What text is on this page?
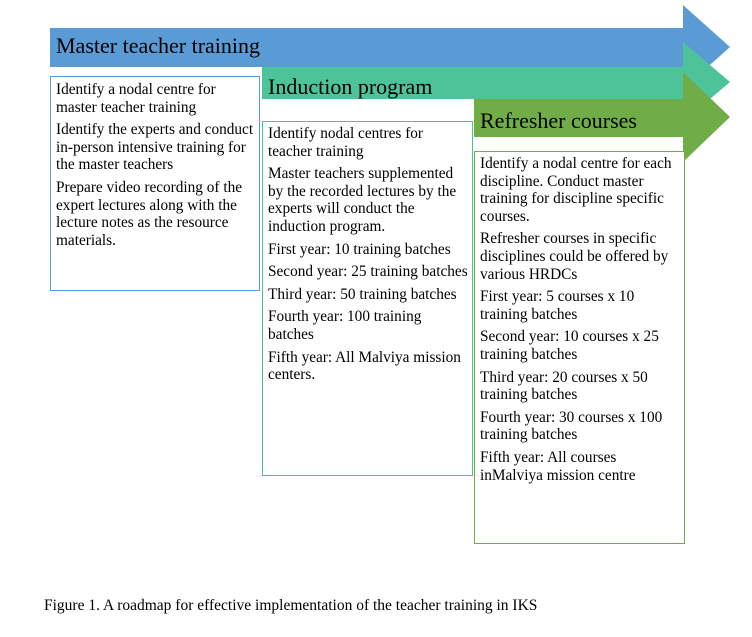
Master teacher training
Induction program
Refresher courses

Identify a nodal centre for master teacher training

Identify the experts and conduct in-person intensive training for the master teachers

Prepare video recording of the expert lectures along with the lecture notes as the resource materials.

Identify nodal centres for teacher training

Master teachers supplemented by the recorded lectures by the experts will conduct the induction program.

First year: 10 training batches

Second year: 25 training batches

Third year: 50 training batches

Fourth year: 100 training batches

Fifth year: All Malviya mission centers.

Identify a nodal centre for each discipline. Conduct master training for discipline specific courses.

Refresher courses in specific disciplines could be offered by various HRDCs

First year: 5 courses x 10 training batches

Second year: 10 courses x 25 training batches

Third year: 20 courses x 50 training batches

Fourth year: 30 courses x 100 training batches

Fifth year: All courses inMalviya mission centre

Figure 1. A roadmap for effective implementation of the teacher training in IKS
